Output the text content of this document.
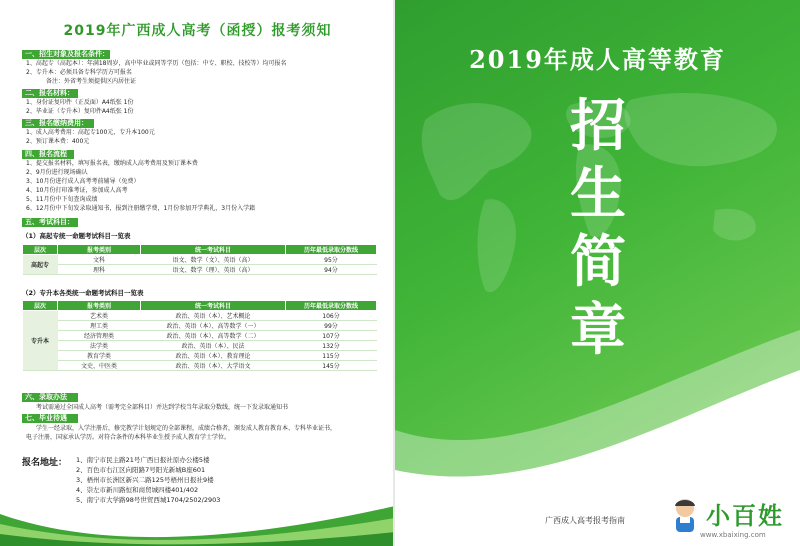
2019年广西成人高考（函授）报考须知
一、招生对象及报名条件：
1、高起专（高起本）：年满18周岁，高中毕业或同等学历（包括：中专、职校、技校等）均可报名
2、专升本：必须具备专科学历方可报名
备注：外省考生须提供区内居住证
二、报名材料：
1、身份证复印件（正反面）A4纸张 1份
2、毕业证（专升本）复印件A4纸张 1份
三、报名缴纳费用：
1、成人高考费用：高起专100元，专升本100元
2、预订课本费：400元
四、报名流程
1、提交报名材料，填写报名表，缴纳成人高考费用及预订课本费
2、9月份进行现场确认
3、10月份进行成人高考考前辅导（免费）
4、10月份打印准考证，参加成人高考
5、11月份中下旬查询成绩
6、12月份中下旬发录取通知书，报到注册缴学费，1月份参加开学典礼，3月份入学籍
五、考试科目：
（1）高起专统一命题考试科目一览表
层次	报考类别	统一考试科目	历年最低录取分数线
高起专	文科	语文、数学（文）、英语（高）	95分
	理科	语文、数学（理）、英语（高）	94分
（2）专升本各类统一命题考试科目一览表
层次	报考类别	统一考试科目	历年最低录取分数线
专升本	艺术类	政治、英语（本）、艺术概论	106分
	理工类	政治、英语（本）、高等数学（一）	99分
	经济管理类	政治、英语（本）、高等数学（二）	107分
	法学类	政治、英语（本）、民法	132分
	教育学类	政治、英语（本）、教育理论	115分
	文史、中医类	政治、英语（本）、大学语文	145分
六、录取办法
考试需通过全国成人高考（需考完全部科目）并达到学校当年录取分数线，统一下发录取通知书
七、毕业待遇
学生一经录取，入学注册后，修完教学计划规定的全部课程，成绩合格者，颁发成人教育教育本、专科毕业证书，
电子注册，国家承认学历。对符合条件的本科毕业生授予成人教育学士学位。
报名地址： 1、南宁市民主路21号广西日报社原办公楼5楼
2、百色市右江区向阳路7号阳光新城B座601
3、梧州市长洲区新兴二路125号梧州日报社9楼
4、崇左市新川路恒和商贸城四楼401/402
5、南宁市大学路98号世贸西城1704/2502/2903
2019年成人高等教育
招
生
简
章
广西成人高考报考指南	小百姓
www.xbaixing.com
